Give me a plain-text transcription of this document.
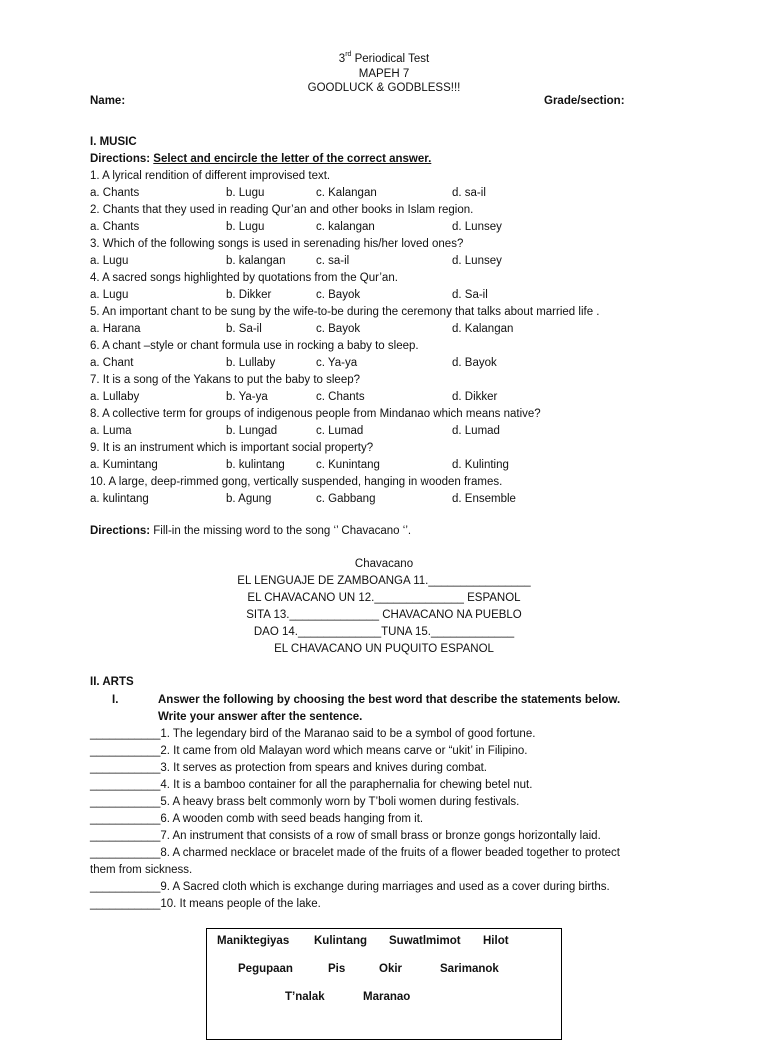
3rd Periodical Test
MAPEH 7
GOODLUCK & GODBLESS!!!
Name:	Grade/section:
I. MUSIC
Directions: Select and encircle the letter of the correct answer.
1. A lyrical rendition of different improvised text.
a. Chants	b. Lugu	c. Kalangan	d. sa-il
2. Chants that they used in reading Qur’an and other books in Islam region.
a. Chants	b. Lugu	c. kalangan	d. Lunsey
3. Which of the following songs is used in serenading his/her loved ones?
a. Lugu	b. kalangan	c. sa-il	d. Lunsey
4. A sacred songs highlighted by quotations from the Qur’an.
a. Lugu	b. Dikker	c. Bayok	d. Sa-il
5. An important chant to be sung by the wife-to-be during the ceremony that talks about married life .
a. Harana	b. Sa-il	c. Bayok	d. Kalangan
6. A chant –style or chant formula use in rocking a baby to sleep.
a. Chant	b. Lullaby	c. Ya-ya	d. Bayok
7. It is a song of the Yakans to put the baby to sleep?
a. Lullaby	b. Ya-ya	c. Chants	d. Dikker
8. A collective term for groups of indigenous people from Mindanao which means native?
a. Luma	b. Lungad	c. Lumad	d. Lumad
9. It is an instrument which is important social property?
a. Kumintang	b. kulintang	c. Kunintang	d. Kulinting
10. A large, deep-rimmed gong, vertically suspended, hanging in wooden frames.
a. kulintang	b. Agung	c. Gabbang	d. Ensemble
Directions: Fill-in the missing word to the song ‘’ Chavacano ‘’.
Chavacano
EL LENGUAJE DE ZAMBOANGA 11.________________
EL CHAVACANO UN 12.______________ ESPANOL
SITA 13.______________ CHAVACANO NA PUEBLO
DAO 14._____________TUNA 15._____________
EL CHAVACANO UN PUQUITO ESPANOL
II. ARTS
I.	Answer the following by choosing the best word that describe the statements below.
Write your answer after the sentence.
___________1. The legendary bird of the Maranao said to be a symbol of good fortune.
___________2. It came from old Malayan word which means carve or “ukit’ in Filipino.
___________3. It serves as protection from spears and knives during combat.
___________4. It is a bamboo container for all the paraphernalia for chewing betel nut.
___________5. A heavy brass belt commonly worn by T’boli women during festivals.
___________6. A wooden comb with seed beads hanging from it.
___________7. An instrument that consists of a row of small brass or bronze gongs horizontally laid.
___________8. A charmed necklace or bracelet made of the fruits of a flower beaded together to protect
them from sickness.
___________9. A Sacred cloth which is exchange during marriages and used as a cover during births.
___________10. It means people of the lake.
Maniktegiyas Kulintang Suwatlmimot Hilot
Pegupaan	Pis	Okir	Sarimanok
T’nalak	Maranao
